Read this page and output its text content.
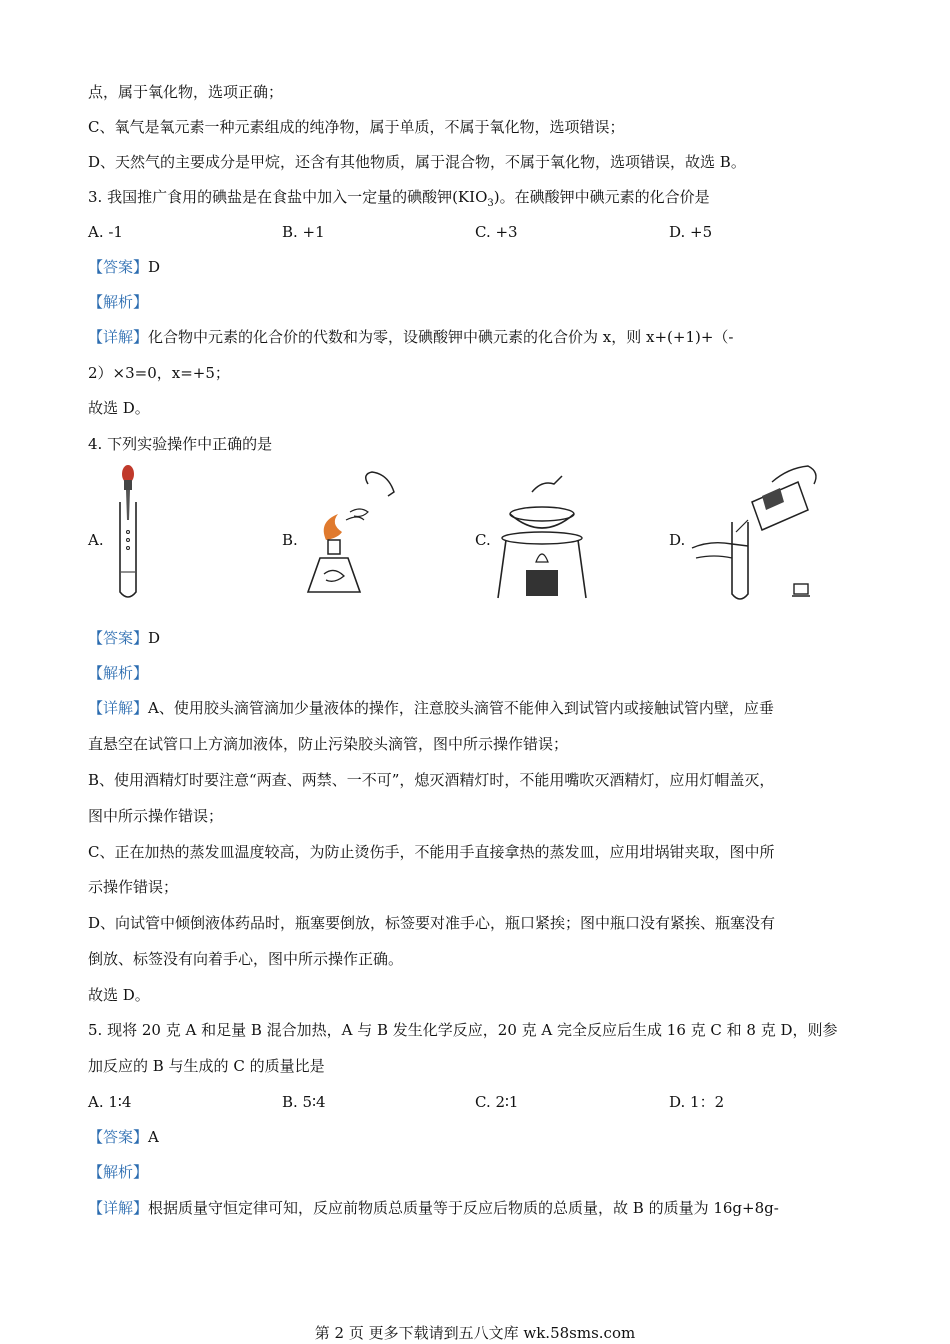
点，属于氧化物，选项正确；
C、氧气是氧元素一种元素组成的纯净物，属于单质，不属于氧化物，选项错误；
D、天然气的主要成分是甲烷，还含有其他物质，属于混合物，不属于氧化物，选项错误，故选 B。
3. 我国推广食用的碘盐是在食盐中加入一定量的碘酸钾$(KIO_3)$。在碘酸钾中碘元素的化合价是
A. -1	B. +1	C. +3	D. +5
【答案】D
【解析】
【详解】化合物中元素的化合价的代数和为零，设碘酸钾中碘元素的化合价为 x，则 x+(+1)+（-
2）×3=0，x=+5；
故选 D。
4. 下列实验操作中正确的是
A.	B.	C.	D.
【答案】D
【解析】
【详解】A、使用胶头滴管滴加少量液体的操作，注意胶头滴管不能伸入到试管内或接触试管内壁，应垂
直悬空在试管口上方滴加液体，防止污染胶头滴管，图中所示操作错误；
B、使用酒精灯时要注意“两查、两禁、一不可”，熄灭酒精灯时，不能用嘴吹灭酒精灯，应用灯帽盖灭，
图中所示操作错误；
C、正在加热的蒸发皿温度较高，为防止烫伤手，不能用手直接拿热的蒸发皿，应用坩埚钳夹取，图中所
示操作错误；
D、向试管中倾倒液体药品时，瓶塞要倒放，标签要对准手心，瓶口紧挨；图中瓶口没有紧挨、瓶塞没有
倒放、标签没有向着手心，图中所示操作正确。
故选 D。
5. 现将 20 克 A 和足量 B 混合加热，A 与 B 发生化学反应，20 克 A 完全反应后生成 16 克 C 和 8 克 D，则参
加反应的 B 与生成的 C 的质量比是
A. 1∶4	B. 5∶4	C. 2∶1	D. 1：2
【答案】A
【解析】
【详解】根据质量守恒定律可知，反应前物质总质量等于反应后物质的总质量，故 B 的质量为 16g+8g-
第 2 页 更多下载请到五八文库 wk.58sms.com
